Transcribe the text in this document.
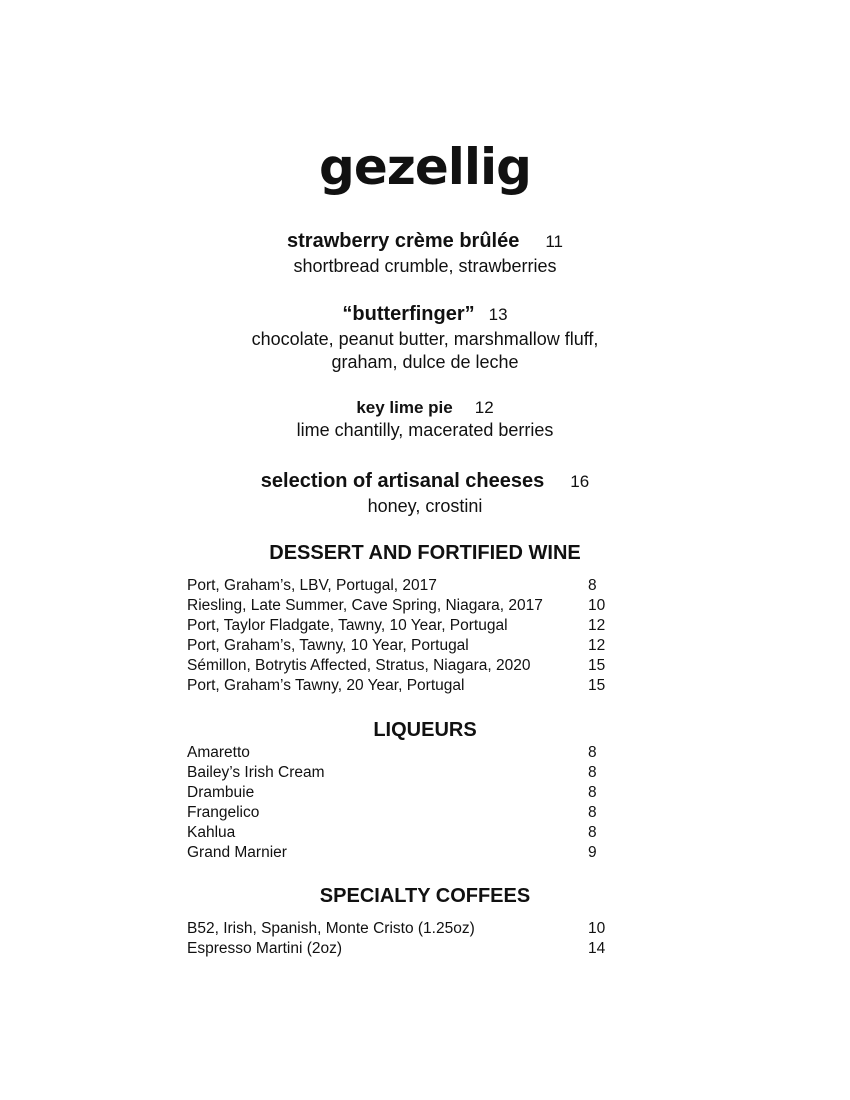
gezellig
strawberry crème brûlée 11
shortbread crumble, strawberries
“butterfinger” 13
chocolate, peanut butter, marshmallow fluff,
graham, dulce de leche
key lime pie 12
lime chantilly, macerated berries
selection of artisanal cheeses 16
honey, crostini
DESSERT AND FORTIFIED WINE
Port, Graham’s, LBV, Portugal, 2017	8
Riesling, Late Summer, Cave Spring, Niagara, 2017	10
Port, Taylor Fladgate, Tawny, 10 Year, Portugal	12
Port, Graham’s, Tawny, 10 Year, Portugal	12
Sémillon, Botrytis Affected, Stratus, Niagara, 2020	15
Port, Graham’s Tawny, 20 Year, Portugal	15
LIQUEURS
Amaretto	8
Bailey’s Irish Cream	8
Drambuie	8
Frangelico	8
Kahlua	8
Grand Marnier	9
SPECIALTY COFFEES
B52, Irish, Spanish, Monte Cristo (1.25oz)	10
Espresso Martini (2oz)	14
